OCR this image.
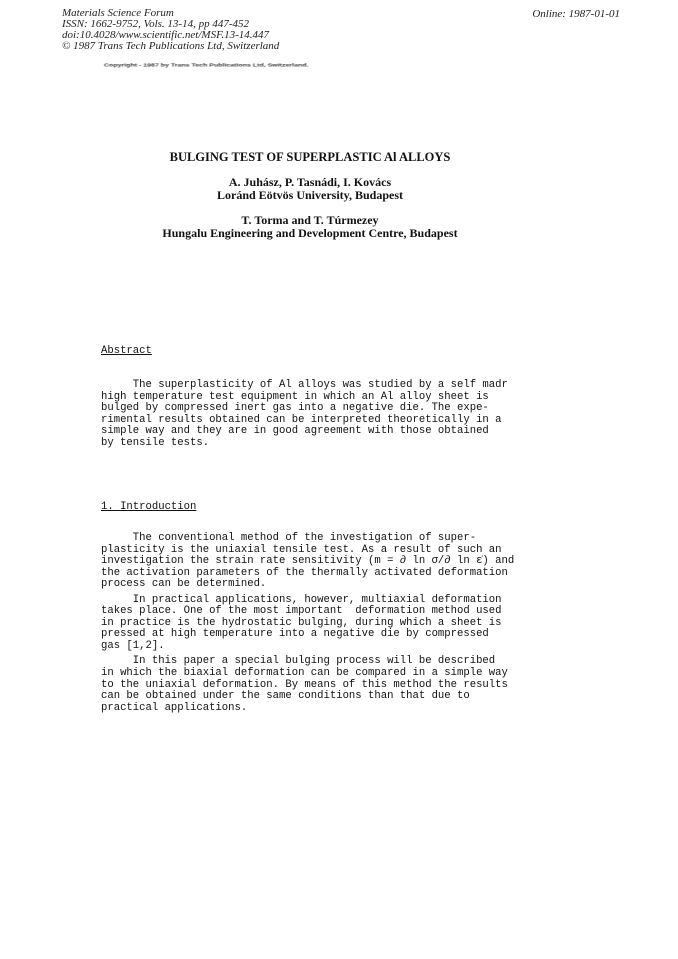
Materials Science Forum
ISSN: 1662-9752, Vols. 13-14, pp 447-452
doi:10.4028/www.scientific.net/MSF.13-14.447
© 1987 Trans Tech Publications Ltd, Switzerland
Online: 1987-01-01
Copyright - 1987 by Trans Tech Publications Ltd, Switzerland.
BULGING TEST OF SUPERPLASTIC Al ALLOYS
A. Juhász, P. Tasnádi, I. Kovács
Loránd Eötvös University, Budapest
T. Torma and T. Túrmezey
Hungalu Engineering and Development Centre, Budapest
Abstract
The superplasticity of Al alloys was studied by a self madr
high temperature test equipment in which an Al alloy sheet is
bulged by compressed inert gas into a negative die. The expe-
rimental results obtained can be interpreted theoretically in a
simple way and they are in good agreement with those obtained
by tensile tests.
1. Introduction
The conventional method of the investigation of super-
plasticity is the uniaxial tensile test. As a result of such an
investigation the strain rate sensitivity (m = ∂ ln σ/∂ ln ε̇) and
the activation parameters of the thermally activated deformation
process can be determined.
In practical applications, however, multiaxial deformation
takes place. One of the most important  deformation method used
in practice is the hydrostatic bulging, during which a sheet is
pressed at high temperature into a negative die by compressed
gas [1,2].
In this paper a special bulging process will be described
in which the biaxial deformation can be compared in a simple way
to the uniaxial deformation. By means of this method the results
can be obtained under the same conditions than that due to
practical applications.
